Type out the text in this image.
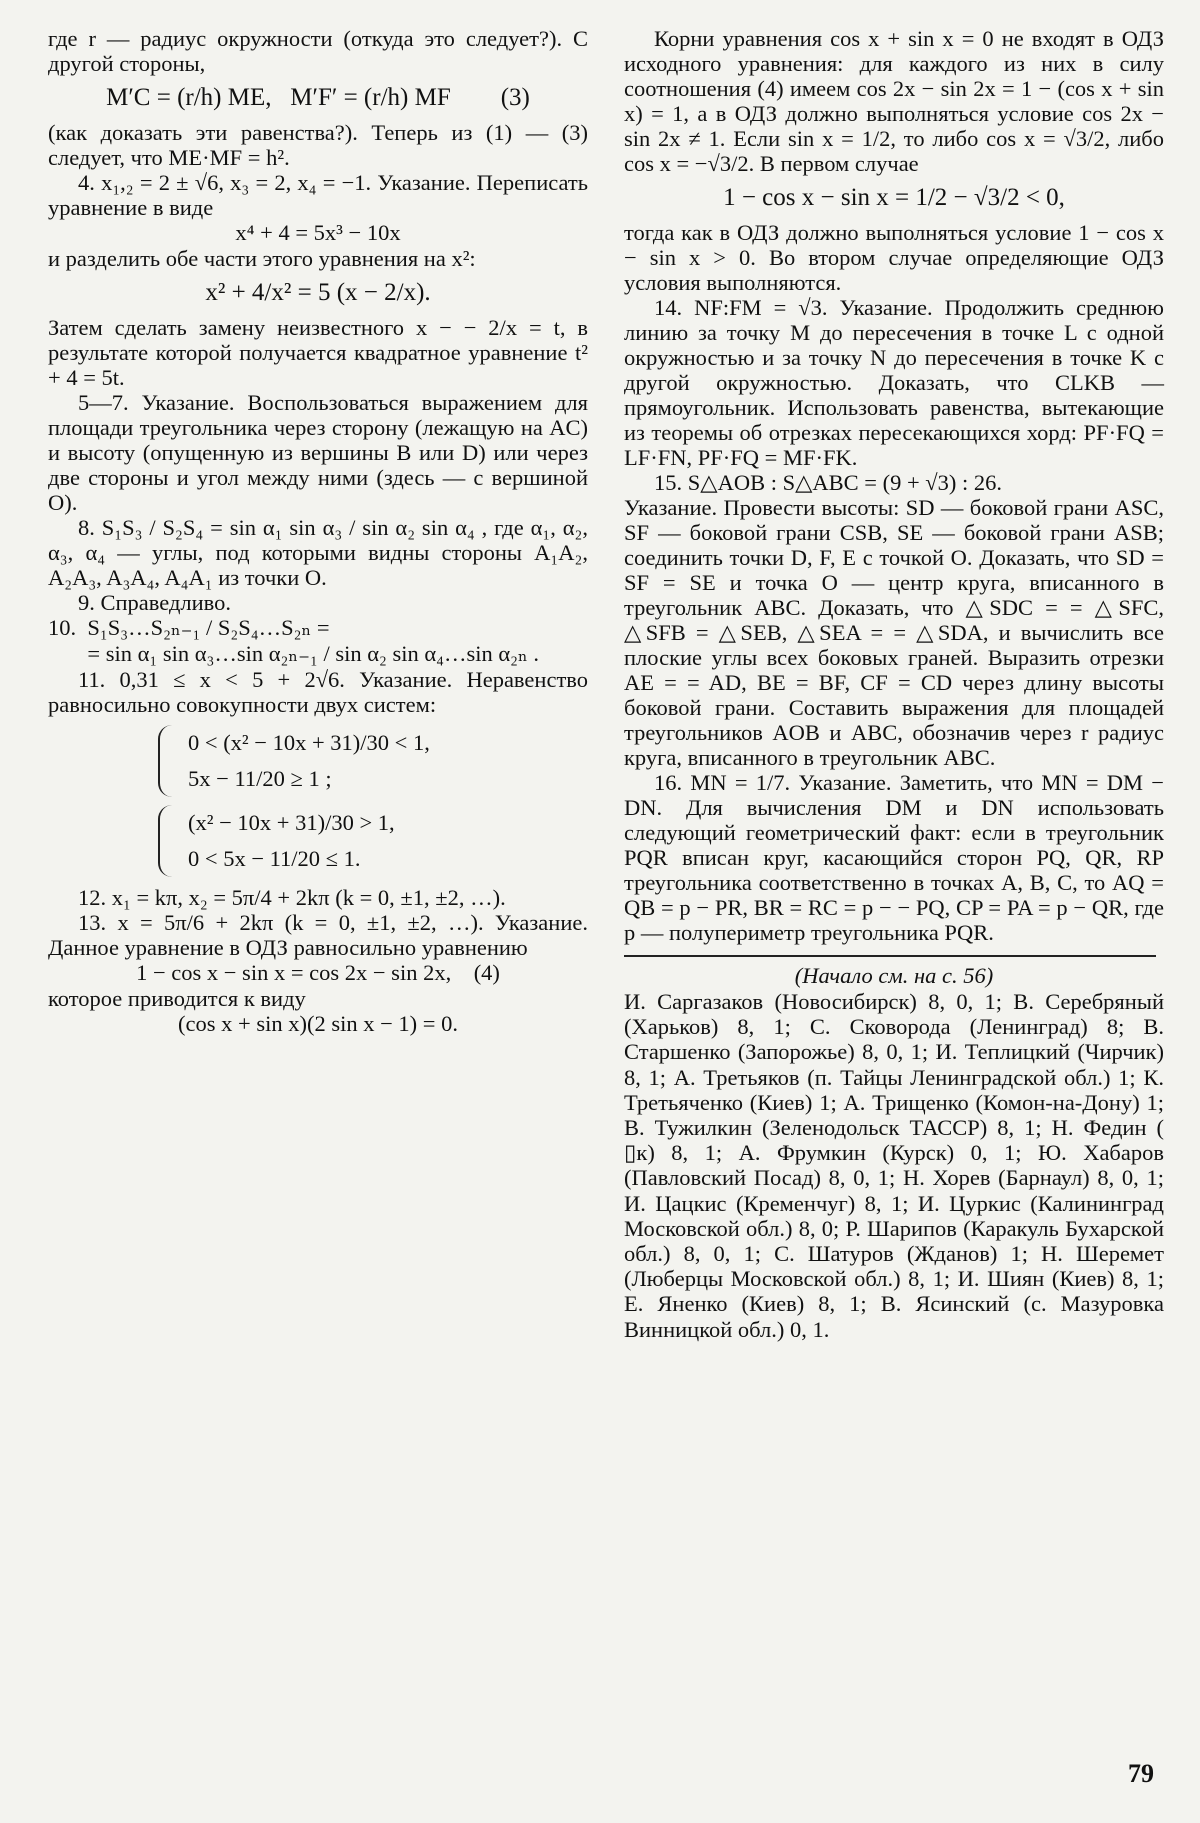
где r — радиус окружности (откуда это следует?). С другой стороны,

M′C = (r/h) ME,   M′F′ = (r/h) MF        (3)

(как доказать эти равенства?). Теперь из (1) — (3) следует, что ME·MF = h².

4. x₁,₂ = 2 ± √6, x₃ = 2, x₄ = −1. Указание. Переписать уравнение в виде

x⁴ + 4 = 5x³ − 10x

и разделить обе части этого уравнения на x²:

x² + 4/x² = 5 (x − 2/x).

Затем сделать замену неизвестного x − − 2/x = t, в результате которой получается квадратное уравнение t² + 4 = 5t.

5—7. Указание. Воспользоваться выражением для площади треугольника через сторону (лежащую на AC) и высоту (опущенную из вершины B или D) или через две стороны и угол между ними (здесь — с вершиной O).

8. S₁S₃ / S₂S₄ = sin α₁ sin α₃ / sin α₂ sin α₄ , где α₁, α₂, α₃, α₄ — углы, под которыми видны стороны A₁A₂, A₂A₃, A₃A₄, A₄A₁ из точки O.

9. Справедливо.

10.  S₁S₃…S₂ₙ₋₁ / S₂S₄…S₂ₙ =

= sin α₁ sin α₃…sin α₂ₙ₋₁ / sin α₂ sin α₄…sin α₂ₙ .

11. 0,31 ≤ x < 5 + 2√6. Указание. Неравенство равносильно совокупности двух систем:

0 < (x² − 10x + 31)/30 < 1,
5x − 11/20 ≥ 1 ;
(x² − 10x + 31)/30 > 1,
0 < 5x − 11/20 ≤ 1.

12. x₁ = kπ, x₂ = 5π/4 + 2kπ (k = 0, ±1, ±2, …).

13. x = 5π/6 + 2kπ (k = 0, ±1, ±2, …). Указание. Данное уравнение в ОДЗ равносильно уравнению

1 − cos x − sin x = cos 2x − sin 2x,    (4)

которое приводится к виду

(cos x + sin x)(2 sin x − 1) = 0.

Корни уравнения cos x + sin x = 0 не входят в ОДЗ исходного уравнения: для каждого из них в силу соотношения (4) имеем cos 2x − sin 2x = 1 − (cos x + sin x) = 1, а в ОДЗ должно выполняться условие cos 2x − sin 2x ≠ 1. Если sin x = 1/2, то либо cos x = √3/2, либо cos x = −√3/2. В первом случае

1 − cos x − sin x = 1/2 − √3/2 < 0,

тогда как в ОДЗ должно выполняться условие 1 − cos x − sin x > 0. Во втором случае определяющие ОДЗ условия выполняются.

14. NF:FM = √3. Указание. Продолжить среднюю линию за точку M до пересечения в точке L с одной окружностью и за точку N до пересечения в точке K с другой окружностью. Доказать, что CLKB — прямоугольник. Использовать равенства, вытекающие из теоремы об отрезках пересекающихся хорд: PF·FQ = LF·FN, PF·FQ = MF·FK.

15. S△AOB : S△ABC = (9 + √3) : 26.

Указание. Провести высоты: SD — боковой грани ASC, SF — боковой грани CSB, SE — боковой грани ASB; соединить точки D, F, E с точкой O. Доказать, что SD = SF = SE и точка O — центр круга, вписанного в треугольник ABC. Доказать, что △SDC = = △SFC, △SFB = △SEB, △SEA = = △SDA, и вычислить все плоские углы всех боковых граней. Выразить отрезки AE = = AD, BE = BF, CF = CD через длину высоты боковой грани. Составить выражения для площадей треугольников AOB и ABC, обозначив через r радиус круга, вписанного в треугольник ABC.

16. MN = 1/7. Указание. Заметить, что MN = DM − DN. Для вычисления DM и DN использовать следующий геометрический факт: если в треугольник PQR вписан круг, касающийся сторон PQ, QR, RP треугольника соответственно в точках A, B, C, то AQ = QB = p − PR, BR = RC = p − − PQ, CP = PA = p − QR, где p — полупериметр треугольника PQR.

(Начало см. на с. 56)

И. Саргазаков (Новосибирск) 8, 0, 1; В. Серебряный (Харьков) 8, 1; С. Сковорода (Ленинград) 8; В. Старшенко (Запорожье) 8, 0, 1; И. Теплицкий (Чирчик) 8, 1; А. Третьяков (п. Тайцы Ленинградской обл.) 1; К. Третьяченко (Киев) 1; А. Трищенко (Комон-на-Дону) 1; В. Тужилкин (Зеленодольск ТАССР) 8, 1; Н. Федин ( ▯к) 8, 1; А. Фрумкин (Курск) 0, 1; Ю. Хабаров (Павловский Посад) 8, 0, 1; Н. Хорев (Барнаул) 8, 0, 1; И. Цацкис (Кременчуг) 8, 1; И. Цуркис (Калининград Московской обл.) 8, 0; Р. Шарипов (Каракуль Бухарской обл.) 8, 0, 1; С. Шатуров (Жданов) 1; Н. Шеремет (Люберцы Московской обл.) 8, 1; И. Шиян (Киев) 8, 1; Е. Яненко (Киев) 8, 1; В. Ясинский (с. Мазуровка Винницкой обл.) 0, 1.

79
